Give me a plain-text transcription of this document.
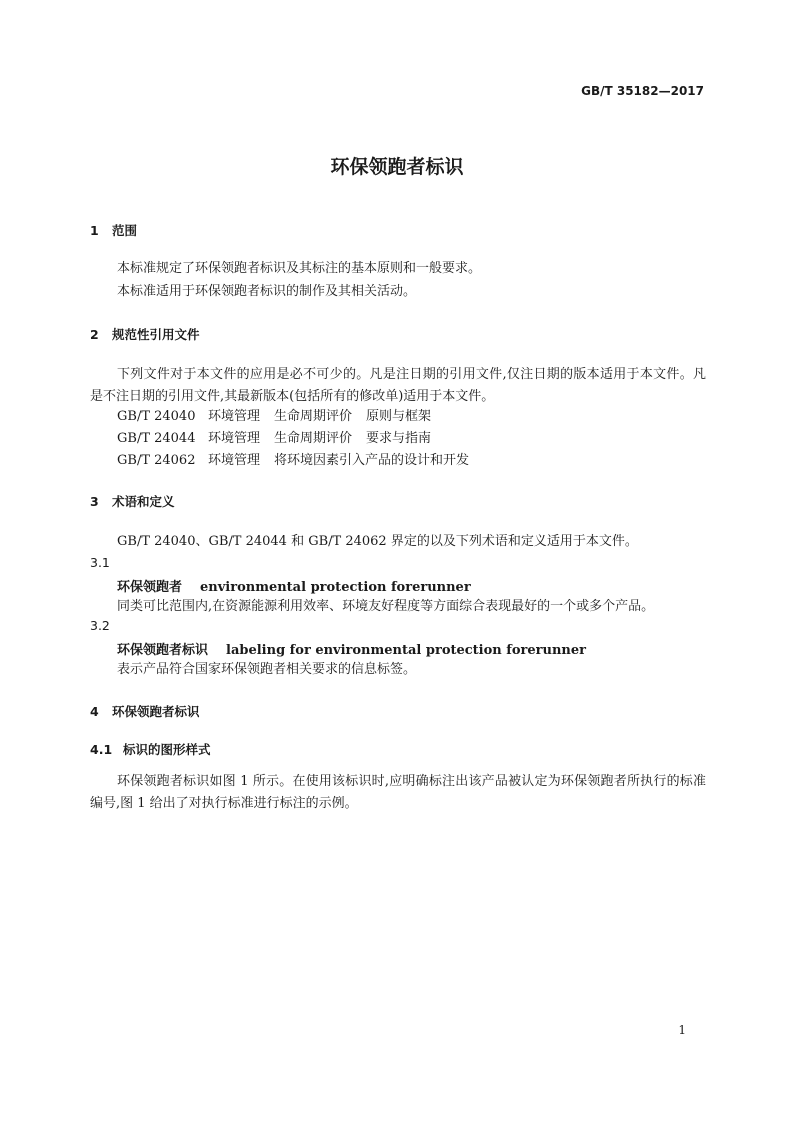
GB/T 35182—2017
环保领跑者标识
1 范围
本标准规定了环保领跑者标识及其标注的基本原则和一般要求。
本标准适用于环保领跑者标识的制作及其相关活动。
2 规范性引用文件
下列文件对于本文件的应用是必不可少的。凡是注日期的引用文件,仅注日期的版本适用于本文件。凡是不注日期的引用文件,其最新版本(包括所有的修改单)适用于本文件。
GB/T 24040 环境管理 生命周期评价 原则与框架
GB/T 24044 环境管理 生命周期评价 要求与指南
GB/T 24062 环境管理 将环境因素引入产品的设计和开发
3 术语和定义
GB/T 24040、GB/T 24044 和 GB/T 24062 界定的以及下列术语和定义适用于本文件。
3.1
环保领跑者 environmental protection forerunner
同类可比范围内,在资源能源利用效率、环境友好程度等方面综合表现最好的一个或多个产品。
3.2
环保领跑者标识 labeling for environmental protection forerunner
表示产品符合国家环保领跑者相关要求的信息标签。
4 环保领跑者标识
4.1 标识的图形样式
环保领跑者标识如图 1 所示。在使用该标识时,应明确标注出该产品被认定为环保领跑者所执行的标准编号,图 1 给出了对执行标准进行标注的示例。
1
